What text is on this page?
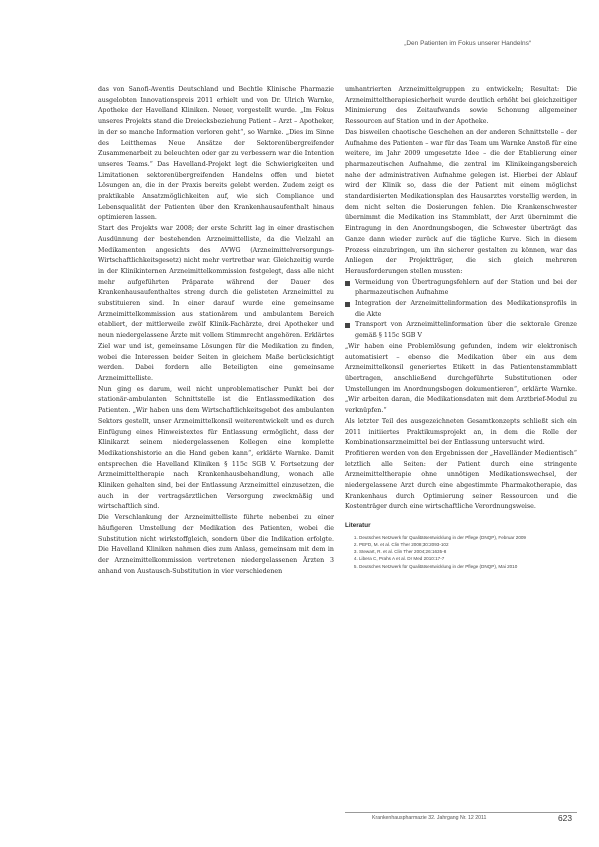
„Den Patienten im Fokus unserer Handelns“

das von Sanofi-Aventis Deutschland und Bechtle Klinische Pharmazie ausgelobten Innovationspreis 2011 erhielt und von Dr. Ulrich Warnke, Apotheke der Havelland Kliniken. Neuer, vorgestellt wurde. „Im Fokus unseres Projekts stand die Dreiecksbeziehung Patient – Arzt – Apotheker, in der so manche Information verloren geht“, so Warnke. „Dies im Sinne des Leitthemas Neue Ansätze der Sektorenübergreifender Zusammenarbeit zu beleuchten oder gar zu verbessern war die Intention unseres Teams.“ Das Havelland-Projekt legt die Schwierigkeiten und Limitationen sektorenübergreifenden Handelns offen und bietet Lösungen an, die in der Praxis bereits gelebt werden. Zudem zeigt es praktikable Ansatzmöglichkeiten auf, wie sich Compliance und Lebensqualität der Patienten über den Krankenhausaufenthalt hinaus optimieren lassen.

Start des Projekts war 2008; der erste Schritt lag in einer drastischen Ausdünnung der bestehenden Arzneimittelliste, da die Vielzahl an Medikamenten angesichts des AVWG (Arzneimittelversorgungs-Wirtschaftlichkeitsgesetz) nicht mehr vertretbar war. Gleichzeitig wurde in der Klinikinternen Arzneimittelkommission festgelegt, dass alle nicht mehr aufgeführten Präparate während der Dauer des Krankenhausaufenthaltes streng durch die gelisteten Arzneimittel zu substituieren sind. In einer darauf wurde eine gemeinsame Arzneimittelkommission aus stationärem und ambulantem Bereich etabliert, der mittlerweile zwölf Klinik-Fachärzte, drei Apotheker und neun niedergelassene Ärzte mit vollem Stimmrecht angehören. Erklärtes Ziel war und ist, gemeinsame Lösungen für die Medikation zu finden, wobei die Interessen beider Seiten in gleichem Maße berücksichtigt werden. Dabei fordern alle Beteiligten eine gemeinsame Arzneimittelliste.

Nun ging es darum, weil nicht unproblematischer Punkt bei der stationär-ambulanten Schnittstelle ist die Entlassmedikation des Patienten. „Wir haben uns dem Wirtschaftlichkeitsgebot des ambulanten Sektors gestellt, unser Arzneimittelkonsil weiterentwickelt und es durch Einfügung eines Hinweistextes für Entlassung ermöglicht, dass der Klinikarzt seinem niedergelassenen Kollegen eine komplette Medikationshistorie an die Hand geben kann“, erklärte Warnke. Damit entsprechen die Havelland Kliniken § 115c SGB V. Fortsetzung der Arzneimitteltherapie nach Krankenhausbehandlung, wonach alle Kliniken gehalten sind, bei der Entlassung Arzneimittel einzusetzen, die auch in der vertragsärztlichen Versorgung zweckmäßig und wirtschaftlich sind.

Die Verschlankung der Arzneimittelliste führte nebenbei zu einer häufigeren Umstellung der Medikation des Patienten, wobei die Substitution nicht wirkstoffgleich, sondern über die Indikation erfolgte. Die Havelland Kliniken nahmen dies zum Anlass, gemeinsam mit dem in der Arzneimittelkommission vertretenen niedergelassenen Ärzten 3 anhand von Austausch-Substitution in vier verschiedenen

umhantrierten Arzneimittelgruppen zu entwickeln; Resultat: Die Arzneimitteltherapiesicherheit wurde deutlich erhöht bei gleichzeitiger Minimierung des Zeitaufwands sowie Schonung allgemeiner Ressourcen auf Station und in der Apotheke.

Das bisweilen chaotische Geschehen an der anderen Schnittstelle – der Aufnahme des Patienten – war für das Team um Warnke Anstoß für eine weitere, im Jahr 2009 umgesetzte Idee – die der Etablierung einer pharmazeutischen Aufnahme, die zentral im Klinikeingangsbereich nahe der administrativen Aufnahme gelegen ist. Hierbei der Ablauf wird der Klinik so, dass die der Patient mit einem möglichst standardisierten Medikationsplan des Hausarztes vorstellig werden, in dem nicht selten die Dosierungen fehlen. Die Krankenschwester übernimmt die Medikation ins Stammblatt, der Arzt übernimmt die Eintragung in den Anordnungsbogen, die Schwester überträgt das Ganze dann wieder zurück auf die tägliche Kurve. Sich in diesem Prozess einzubringen, um ihn sicherer gestalten zu können, war das Anliegen der Projektträger, die sich gleich mehreren Herausforderungen stellen mussten:

Vermeidung von Übertragungsfehlern auf der Station und bei der pharmazeutischen Aufnahme
Integration der Arzneimittelinformation des Medikationsprofils in die Akte
Transport von Arzneimittelinformation über die sektorale Grenze gemäß § 115c SGB V

„Wir haben eine Problemlösung gefunden, indem wir elektronisch automatisiert – ebenso die Medikation über ein aus dem Arzneimittelkonsil generiertes Etikett in das Patientenstammblatt übertragen, anschließend durchgeführte Substitutionen oder Umstellungen im Anordnungsbogen dokumentieren“, erklärte Warnke. „Wir arbeiten daran, die Medikationsdaten mit dem Arztbrief-Modul zu verknüpfen.“

Als letzter Teil des ausgezeichneten Gesamtkonzepts schließt sich ein 2011 initiiertes Praktikumsprojekt an, in dem die Rolle der Kombinationsarzneimittel bei der Entlassung untersucht wird.

Profitieren werden von den Ergebnissen der „Havelländer Medientisch“ letztlich alle Seiten: der Patient durch eine stringente Arzneimitteltherapie ohne unnötigen Medikationswechsel, der niedergelassene Arzt durch eine abgestimmte Pharmakotherapie, das Krankenhaus durch Optimierung seiner Ressourcen und die Kostenträger durch eine wirtschaftliche Verordnungsweise.

Literatur
1. Deutsches Netzwerk für Qualitätsentwicklung in der Pflege (DNQP), Februar 2009
2. PEFD, M. et al. Clin Ther 2008;30:2093-102
3. Stewart, R. et al. Clin Ther 2004;26:1635-8
4. Libera C, Prahs A et al. Dr Med 2010:17-7
5. Deutsches Netzwerk für Qualitätsentwicklung in der Pflege (DNQP), Mai 2010
Krankenhauspharmazie 32. Jahrgang Nr. 12 2011	623
